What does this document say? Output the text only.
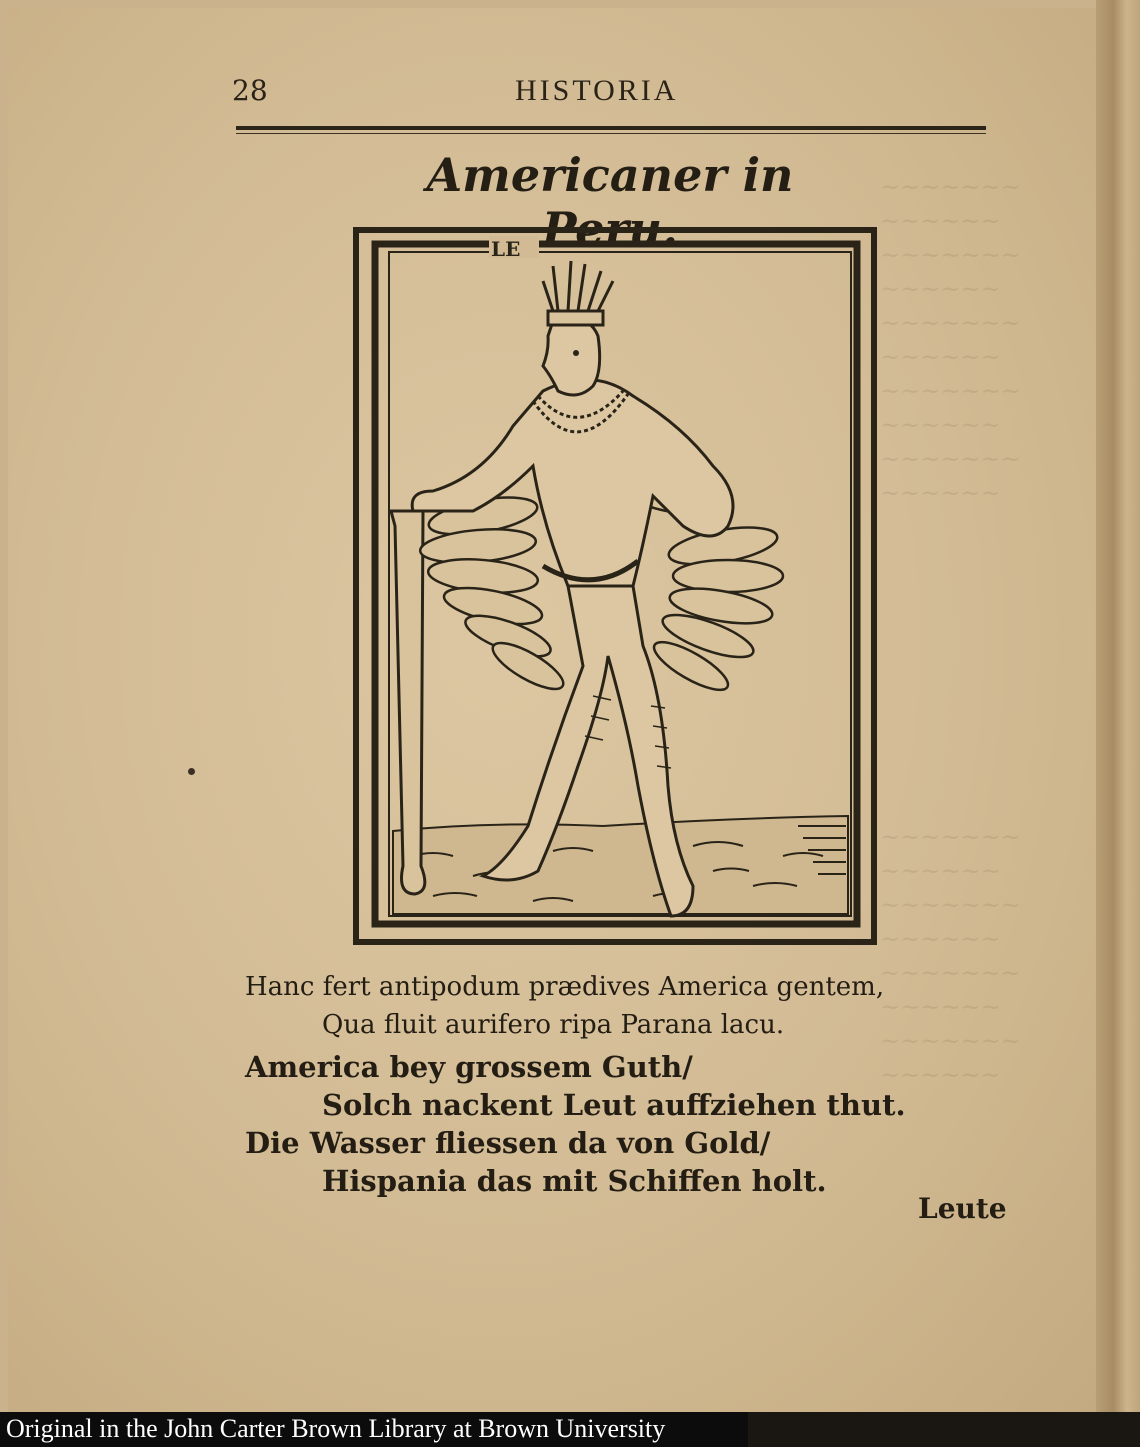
~~~~~~~
~~~~~~
~~~~~~~
~~~~~~
~~~~~~~
~~~~~~
~~~~~~~
~~~~~~
~~~~~~~
~~~~~~
~~~~~~~
~~~~~~
~~~~~~~
~~~~~~
~~~~~~~
~~~~~~
~~~~~~~
~~~~~~
28	HISTORIA
Americaner in Peru.
LE
Hanc fert antipodum prædives America gentem,
Qua fluit aurifero ripa Parana lacu.
America bey grossem Guth/
Solch nackent Leut auffziehen thut.
Die Wasser fliessen da von Gold/
Hispania das mit Schiffen holt.
Leute
Original in the John Carter Brown Library at Brown University
